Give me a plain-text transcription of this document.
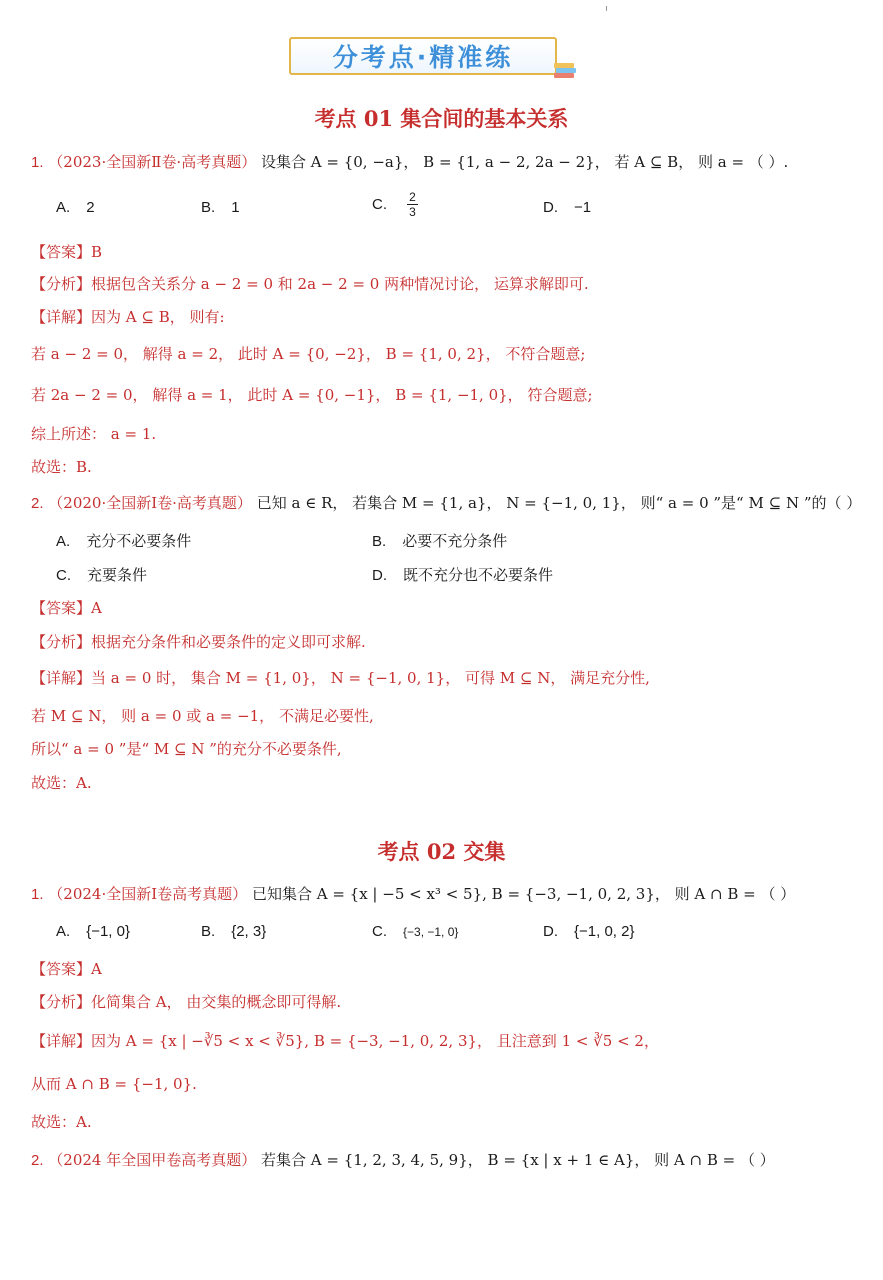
分考点·精准练
考点 01 集合间的基本关系
1. （2023·全国新Ⅱ卷·高考真题） 设集合 A = {0, −a}， B = {1, a − 2, 2a − 2}， 若 A ⊆ B， 则 a = （ ）.
A. 2	B. 1	C. $\frac{2}{3}$	D. −1
【答案】B
【分析】根据包含关系分 a − 2 = 0 和 2a − 2 = 0 两种情况讨论， 运算求解即可.
【详解】因为 A ⊆ B， 则有:
若 a − 2 = 0， 解得 a = 2， 此时 A = {0, −2}， B = {1, 0, 2}， 不符合题意;
若 2a − 2 = 0， 解得 a = 1， 此时 A = {0, −1}， B = {1, −1, 0}， 符合题意;
综上所述： a = 1.
故选：B.
2. （2020·全国新Ⅰ卷·高考真题） 已知 a ∈ R， 若集合 M = {1, a}， N = {−1, 0, 1}， 则“ a = 0 ”是“ M ⊆ N ”的（ ）
A. 充分不必要条件	B. 必要不充分条件
C. 充要条件	D. 既不充分也不必要条件
【答案】A
【分析】根据充分条件和必要条件的定义即可求解.
【详解】当 a = 0 时， 集合 M = {1, 0}， N = {−1, 0, 1}， 可得 M ⊆ N， 满足充分性,
若 M ⊆ N， 则 a = 0 或 a = −1， 不满足必要性,
所以“ a = 0 ”是“ M ⊆ N ”的充分不必要条件,
故选：A.
考点 02 交集
1. （2024·全国新Ⅰ卷高考真题） 已知集合 A = {x | −5 < x³ < 5}, B = {−3, −1, 0, 2, 3}， 则 A ∩ B = （ ）
A. {−1, 0}	B. {2, 3}	C. {−3, −1, 0}	D. {−1, 0, 2}
【答案】A
【分析】化简集合 A， 由交集的概念即可得解.
【详解】因为 A = {x | −∛5 < x < ∛5}, B = {−3, −1, 0, 2, 3}， 且注意到 1 < ∛5 < 2，
从而 A ∩ B = {−1, 0}.
故选：A.
2. （2024 年全国甲卷高考真题） 若集合 A = {1, 2, 3, 4, 5, 9}， B = {x | x + 1 ∈ A}， 则 A ∩ B = （ ）
